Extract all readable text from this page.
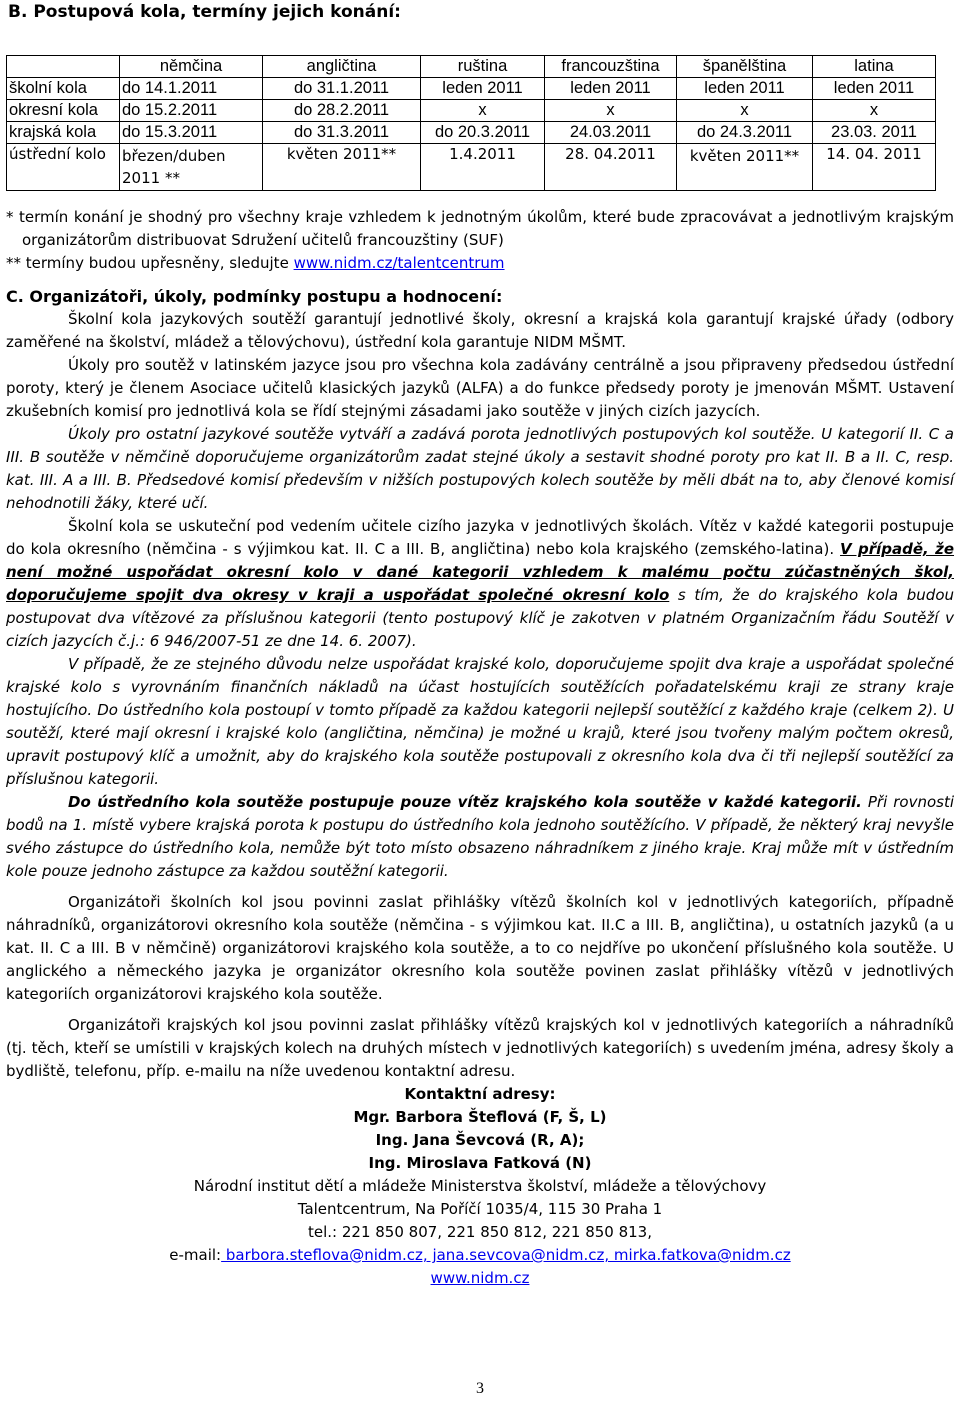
B. Postupová kola, termíny jejich konání:
	němčina	angličtina	ruština	francouzština	španělština	latina
školní kola	do 14.1.2011	do 31.1.2011	leden 2011	leden 2011	leden 2011	leden 2011
okresní kola	do 15.2.2011	do 28.2.2011	x	x	x	x
krajská kola	do 15.3.2011	do 31.3.2011	do 20.3.2011	24.03.2011	do 24.3.2011	23.03. 2011
ústřední kolo	březen/duben 2011 **	květen 2011**	1.4.2011	28. 04.2011	květen 2011**	14. 04. 2011

* termín konání je shodný pro všechny kraje vzhledem k jednotným úkolům, které bude zpracovávat a jednotlivým krajským organizátorům distribuovat Sdružení učitelů francouzštiny (SUF)

** termíny budou upřesněny, sledujte www.nidm.cz/talentcentrum

C. Organizátoři, úkoly, podmínky postupu a hodnocení:

Školní kola jazykových soutěží garantují jednotlivé školy, okresní a krajská kola garantují krajské úřady (odbory zaměřené na školství, mládež a tělovýchovu), ústřední kola garantuje NIDM MŠMT.

Úkoly pro soutěž v latinském jazyce jsou pro všechna kola zadávány centrálně a jsou připraveny předsedou ústřední poroty, který je členem Asociace učitelů klasických jazyků (ALFA) a do funkce předsedy poroty je jmenován MŠMT. Ustavení zkušebních komisí pro jednotlivá kola se řídí stejnými zásadami jako soutěže v jiných cizích jazycích.

Úkoly pro ostatní jazykové soutěže vytváří a zadává porota jednotlivých postupových kol soutěže. U kategorií II. C a III. B soutěže v němčině doporučujeme organizátorům zadat stejné úkoly a sestavit shodné poroty pro kat II. B a II. C, resp. kat. III. A a III. B. Předsedové komisí především v nižších postupových kolech soutěže by měli dbát na to, aby členové komisí nehodnotili žáky, které učí.

Školní kola se uskuteční pod vedením učitele cizího jazyka v jednotlivých školách. Vítěz v každé kategorii postupuje do kola okresního (němčina - s výjimkou kat. II. C a III. B, angličtina) nebo kola krajského (zemského-latina). V případě, že není možné uspořádat okresní kolo v dané kategorii vzhledem k malému počtu zúčastněných škol, doporučujeme spojit dva okresy v kraji a uspořádat společné okresní kolo s tím, že do krajského kola budou postupovat dva vítězové za příslušnou kategorii (tento postupový klíč je zakotven v platném Organizačním řádu Soutěží v cizích jazycích č.j.: 6 946/2007-51 ze dne 14. 6. 2007).

V případě, že ze stejného důvodu nelze uspořádat krajské kolo, doporučujeme spojit dva kraje a uspořádat společné krajské kolo s vyrovnáním finančních nákladů na účast hostujících soutěžících pořadatelskému kraji ze strany kraje hostujícího. Do ústředního kola postoupí v tomto případě za každou kategorii nejlepší soutěžící z každého kraje (celkem 2). U soutěží, které mají okresní i krajské kolo (angličtina, němčina) je možné u krajů, které jsou tvořeny malým počtem okresů, upravit postupový klíč a umožnit, aby do krajského kola soutěže postupovali z okresního kola dva či tři nejlepší soutěžící za příslušnou kategorii.

Do ústředního kola soutěže postupuje pouze vítěz krajského kola soutěže v každé kategorii. Při rovnosti bodů na 1. místě vybere krajská porota k postupu do ústředního kola jednoho soutěžícího. V případě, že některý kraj nevyšle svého zástupce do ústředního kola, nemůže být toto místo obsazeno náhradníkem z jiného kraje. Kraj může mít v ústředním kole pouze jednoho zástupce za každou soutěžní kategorii.

Organizátoři školních kol jsou povinni zaslat přihlášky vítězů školních kol v jednotlivých kategoriích, případně náhradníků, organizátorovi okresního kola soutěže (němčina - s výjimkou kat. II.C a III. B, angličtina), u ostatních jazyků (a u kat. II. C a III. B v němčině) organizátorovi krajského kola soutěže, a to co nejdříve po ukončení příslušného kola soutěže. U anglického a německého jazyka je organizátor okresního kola soutěže povinen zaslat přihlášky vítězů v jednotlivých kategoriích organizátorovi krajského kola soutěže.

Organizátoři krajských kol jsou povinni zaslat přihlášky vítězů krajských kol v jednotlivých kategoriích a náhradníků (tj. těch, kteří se umístili v krajských kolech na druhých místech v jednotlivých kategoriích) s uvedením jména, adresy školy a bydliště, telefonu, příp. e-mailu na níže uvedenou kontaktní adresu.

Kontaktní adresy:

Mgr. Barbora Šteflová (F, Š, L)

Ing. Jana Ševcová (R, A);

Ing. Miroslava Fatková (N)

Národní institut dětí a mládeže Ministerstva školství, mládeže a tělovýchovy

Talentcentrum, Na Poříčí 1035/4, 115 30 Praha 1

tel.: 221 850 807, 221 850 812, 221 850 813,

e-mail: barbora.steflova@nidm.cz, jana.sevcova@nidm.cz, mirka.fatkova@nidm.cz

www.nidm.cz

3
